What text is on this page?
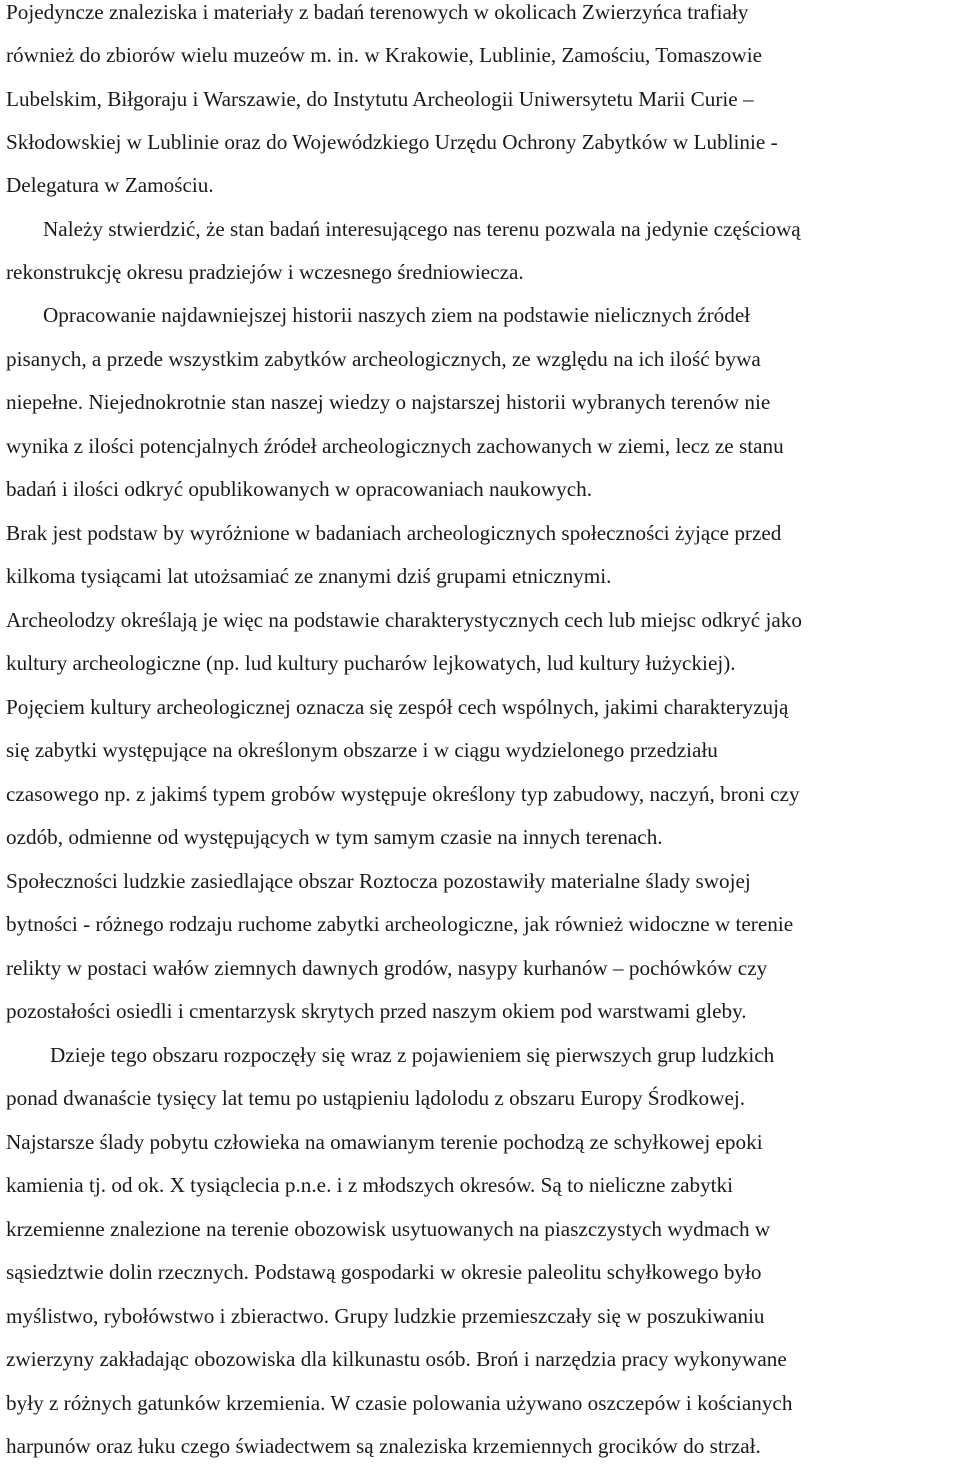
Pojedyncze znaleziska i materiały z badań terenowych w okolicach Zwierzyńca trafiały
również do zbiorów wielu muzeów m. in. w Krakowie, Lublinie, Zamościu, Tomaszowie
Lubelskim, Biłgoraju i Warszawie, do Instytutu Archeologii Uniwersytetu Marii Curie –
Skłodowskiej w Lublinie oraz do Wojewódzkiego Urzędu Ochrony Zabytków w Lublinie -
Delegatura w Zamościu.
Należy stwierdzić, że stan badań interesującego nas terenu pozwala na jedynie częściową
rekonstrukcję okresu pradziejów i wczesnego średniowiecza.
Opracowanie najdawniejszej historii naszych ziem na podstawie nielicznych źródeł
pisanych, a przede wszystkim zabytków archeologicznych, ze względu na ich ilość bywa
niepełne. Niejednokrotnie stan naszej wiedzy o najstarszej historii wybranych terenów nie
wynika z ilości potencjalnych źródeł archeologicznych zachowanych w ziemi, lecz ze stanu
badań i ilości odkryć opublikowanych w opracowaniach naukowych.
Brak jest podstaw by wyróżnione w badaniach archeologicznych społeczności żyjące przed
kilkoma tysiącami lat utożsamiać ze znanymi dziś grupami etnicznymi.
Archeolodzy określają je więc na podstawie charakterystycznych cech lub miejsc odkryć jako
kultury archeologiczne (np. lud kultury pucharów lejkowatych, lud kultury łużyckiej).
Pojęciem kultury archeologicznej oznacza się zespół cech wspólnych, jakimi charakteryzują
się zabytki występujące na określonym obszarze i w ciągu wydzielonego przedziału
czasowego np. z jakimś typem grobów występuje określony typ zabudowy, naczyń, broni czy
ozdób, odmienne od występujących w tym samym czasie na innych terenach.
Społeczności ludzkie zasiedlające obszar Roztocza pozostawiły materialne ślady swojej
bytności - różnego rodzaju ruchome zabytki archeologiczne, jak również widoczne w terenie
relikty w postaci wałów ziemnych dawnych grodów, nasypy kurhanów – pochówków czy
pozostałości osiedli i cmentarzysk skrytych przed naszym okiem pod warstwami gleby.
Dzieje tego obszaru rozpoczęły się wraz z pojawieniem się pierwszych grup ludzkich
ponad dwanaście tysięcy lat temu po ustąpieniu lądolodu z obszaru Europy Środkowej.
Najstarsze ślady pobytu człowieka na omawianym terenie pochodzą ze schyłkowej epoki
kamienia tj. od ok. X tysiąclecia p.n.e. i z młodszych okresów. Są to nieliczne zabytki
krzemienne znalezione na terenie obozowisk usytuowanych na piaszczystych wydmach w
sąsiedztwie dolin rzecznych. Podstawą gospodarki w okresie paleolitu schyłkowego było
myślistwo, rybołówstwo i zbieractwo. Grupy ludzkie przemieszczały się w poszukiwaniu
zwierzyny zakładając obozowiska dla kilkunastu osób. Broń i narzędzia pracy wykonywane
były z różnych gatunków krzemienia. W czasie polowania używano oszczepów i kościanych
harpunów oraz łuku czego świadectwem są znaleziska krzemiennych grocików do strzał.
